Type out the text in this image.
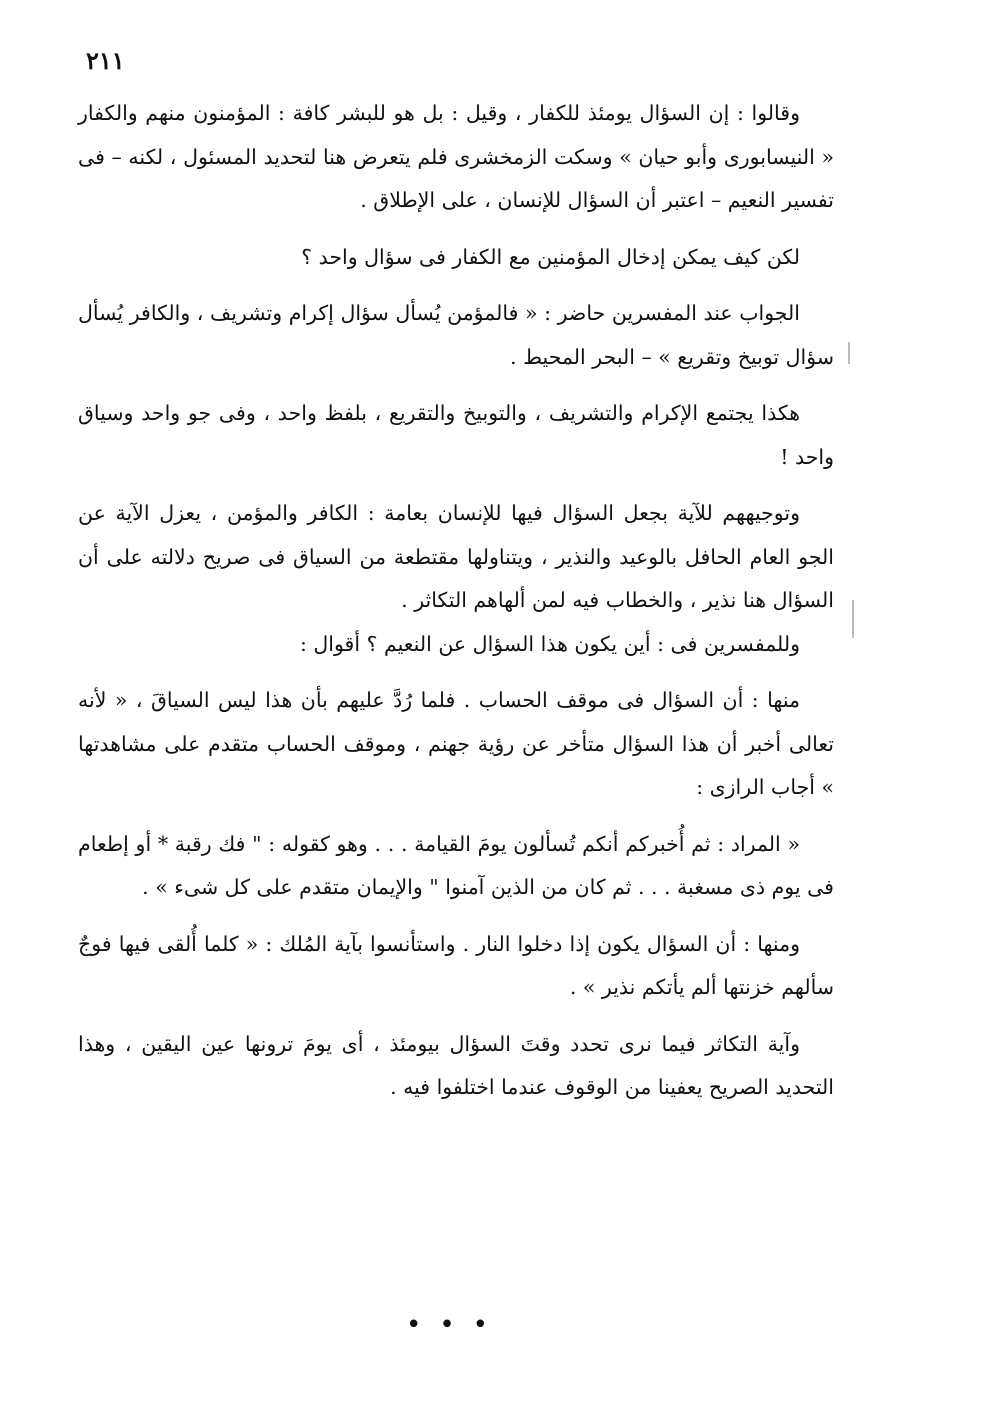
٢١١

وقالوا : إن السؤال يومئذ للكفار ، وقيل : بل هو للبشر كافة : المؤمنون منهم والكفار « النيسابورى وأبو حيان » وسكت الزمخشرى فلم يتعرض هنا لتحديد المسئول ، لكنه – فى تفسير النعيم – اعتبر أن السؤال للإنسان ، على الإطلاق .

لكن كيف يمكن إدخال المؤمنين مع الكفار فى سؤال واحد ؟

الجواب عند المفسرين حاضر : « فالمؤمن يُسأل سؤال إكرام وتشريف ، والكافر يُسأل سؤال توبيخ وتقريع » – البحر المحيط .

هكذا يجتمع الإكرام والتشريف ، والتوبيخ والتقريع ، بلفظ واحد ، وفى جو واحد وسياق واحد !

وتوجيههم للآية بجعل السؤال فيها للإنسان بعامة : الكافر والمؤمن ، يعزل الآية عن الجو العام الحافل بالوعيد والنذير ، ويتناولها مقتطعة من السياق فى صريح دلالته على أن السؤال هنا نذير ، والخطاب فيه لمن ألهاهم التكاثر .

وللمفسرين فى : أين يكون هذا السؤال عن النعيم ؟ أقوال :

منها : أن السؤال فى موقف الحساب . فلما رُدَّ عليهم بأن هذا ليس السياقَ ، « لأنه تعالى أخبر أن هذا السؤال متأخر عن رؤية جهنم ، وموقف الحساب متقدم على مشاهدتها » أجاب الرازى :

« المراد : ثم أُخبركم أنكم تُسألون يومَ القيامة . . . وهو كقوله : " فك رقبة * أو إطعام فى يوم ذى مسغبة . . . ثم كان من الذين آمنوا " والإيمان متقدم على كل شىء » .

ومنها : أن السؤال يكون إذا دخلوا النار . واستأنسوا بآية المُلك : « كلما أُلقى فيها فوجٌ سألهم خزنتها ألم يأتكم نذير » .

وآية التكاثر فيما نرى تحدد وقتَ السؤال بيومئذ ، أى يومَ ترونها عين اليقين ، وهذا التحديد الصريح يعفينا من الوقوف عندما اختلفوا فيه .

•••
